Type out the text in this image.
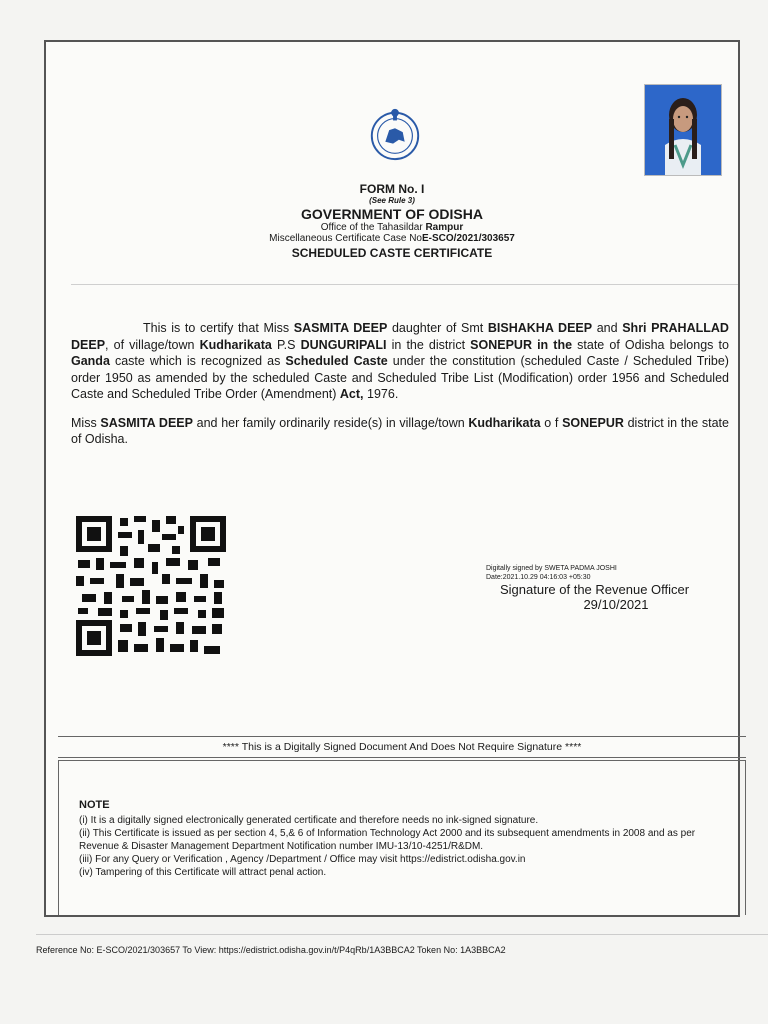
FORM No. I
(See Rule 3)
GOVERNMENT OF ODISHA
Office of the Tahasildar Rampur
Miscellaneous Certificate Case NoE-SCO/2021/303657
SCHEDULED CASTE CERTIFICATE

This is to certify that Miss SASMITA DEEP daughter of Smt BISHAKHA DEEP and Shri PRAHALLAD DEEP, of village/town Kudharikata P.S DUNGURIPALI in the district SONEPUR in the state of Odisha belongs to Ganda caste which is recognized as Scheduled Caste under the constitution (scheduled Caste / Scheduled Tribe) order 1950 as amended by the scheduled Caste and Scheduled Tribe List (Modification) order 1956 and Scheduled Caste and Scheduled Tribe Order (Amendment) Act, 1976.

Miss SASMITA DEEP and her family ordinarily reside(s) in village/town Kudharikata o f SONEPUR district in the state of Odisha.

Digitally signed by SWETA PADMA JOSHI
Date:2021.10.29 04:16:03 +05:30
Signature of the Revenue Officer
29/10/2021
**** This is a Digitally Signed Document And Does Not Require Signature ****
NOTE
(i) It is a digitally signed electronically generated certificate and therefore needs no ink-signed signature.
(ii) This Certificate is issued as per section 4, 5,& 6 of Information Technology Act 2000 and its subsequent amendments in 2008 and as per Revenue & Disaster Management Department Notification number IMU-13/10-4251/R&DM.
(iii) For any Query or Verification , Agency /Department / Office may visit https://edistrict.odisha.gov.in
(iv) Tampering of this Certificate will attract penal action.
Reference No: E-SCO/2021/303657 To View: https://edistrict.odisha.gov.in/t/P4qRb/1A3BBCA2 Token No: 1A3BBCA2
